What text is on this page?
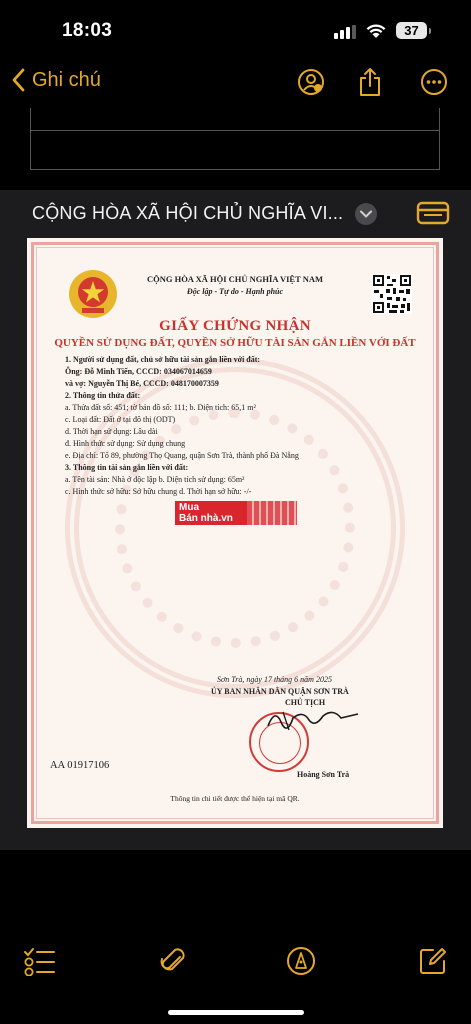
18:03	37
Ghi chú
CỘNG HÒA XÃ HỘI CHỦ NGHĨA VI...
CỘNG HÒA XÃ HỘI CHỦ NGHĨA VIỆT NAM
Độc lập - Tự do - Hạnh phúc
GIẤY CHỨNG NHẬN
QUYỀN SỬ DỤNG ĐẤT, QUYỀN SỞ HỮU TÀI SẢN GẮN LIỀN VỚI ĐẤT
1. Người sử dụng đất, chủ sở hữu tài sản gắn liền với đất:
Ông: Đỗ Minh Tiến, CCCD: 034067014659
và vợ: Nguyễn Thị Bé, CCCD: 048170007359
2. Thông tin thửa đất:
a. Thửa đất số: 451; tờ bản đồ số: 111; b. Diện tích: 65,1 m²
c. Loại đất: Đất ở tại đô thị (ODT)
d. Thời hạn sử dụng: Lâu dài
đ. Hình thức sử dụng: Sử dụng chung
e. Địa chỉ: Tổ 89, phường Thọ Quang, quận Sơn Trà, thành phố Đà Nẵng
3. Thông tin tài sản gắn liền với đất:
a. Tên tài sản: Nhà ở độc lập b. Diện tích sử dụng: 65m²
c. Hình thức sở hữu: Sở hữu chung d. Thời hạn sở hữu: -/-
Mua
Bán nhà.vn
Sơn Trà, ngày 17 tháng 6 năm 2025
ỦY BAN NHÂN DÂN QUẬN SƠN TRÀ
CHỦ TỊCH
Hoàng Sơn Trà
AA 01917106
Thông tin chi tiết được thể hiện tại mã QR.
